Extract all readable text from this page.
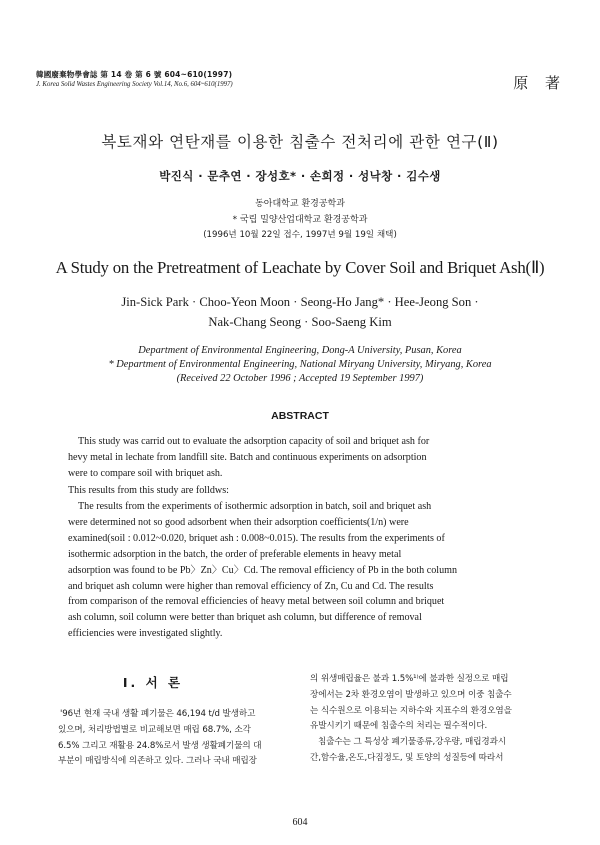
韓國廢棄物學會誌 第 14 卷 第 6 號 604~610(1997)
J. Korea Solid Wastes Engineering Society Vol.14, No.6, 604~610(1997)	原 著
복토재와 연탄재를 이용한 침출수 전처리에 관한 연구(Ⅱ)
박진식 · 문추연 · 장성호* · 손희정 · 성낙창 · 김수생
동아대학교 환경공학과
* 국립 밀양산업대학교 환경공학과
(1996년 10월 22일 접수, 1997년 9월 19일 채택)
A Study on the Pretreatment of Leachate by Cover Soil and Briquet Ash(Ⅱ)
Jin-Sick Park · Choo-Yeon Moon · Seong-Ho Jang* · Hee-Jeong Son ·
Nak-Chang Seong · Soo-Saeng Kim
Department of Environmental Engineering, Dong-A University, Pusan, Korea
* Department of Environmental Engineering, National Miryang University, Miryang, Korea
(Received 22 October 1996 ; Accepted 19 September 1997)
ABSTRACT
This study was carrid out to evaluate the adsorption capacity of soil and briquet ash for
hevy metal in lechate from landfill site. Batch and continuous experiments on adsorption
were to compare soil with briquet ash.
This results from this study are folldws:
The results from the experiments of isothermic adsorption in batch, soil and briquet ash
were determined not so good adsorbent when their adsorption coefficients(1/n) were
examined(soil : 0.012~0.020, briquet ash : 0.008~0.015). The results from the experiments of
isothermic adsorption in the batch, the order of preferable elements in heavy metal
adsorption was found to be Pb〉Zn〉Cu〉Cd. The removal efficiency of Pb in the both column
and briquet ash column were higher than removal efficiency of Zn, Cu and Cd. The results
from comparison of the removal efficiencies of heavy metal between soil column and briquet
ash column, soil column were better than briquet ash column, but difference of removal
efficiencies were investigated slightly.
Ⅰ. 서 론
'96년 현재 국내 생활 폐기물은 46,194 t/d 발생하고
있으며, 처리방법별로 비교해보면 매립 68.7%, 소각
6.5% 그리고 재활용 24.8%로서 발생 생활폐기물의 대
부분이 매립방식에 의존하고 있다. 그러나 국내 매립장
의 위생매립율은 불과 1.5%¹⁾에 불과한 실정으로 매립
장에서는 2차 환경오염이 발생하고 있으며 이중 침출수
는 식수원으로 이용되는 지하수와 지표수의 환경오염을
유발시키기 때문에 침출수의 처리는 필수적이다.
침출수는 그 특성상 폐기물종류,강우량, 매립경과시
간,함수율,온도,다짐정도, 및 토양의 성질등에 따라서
604
